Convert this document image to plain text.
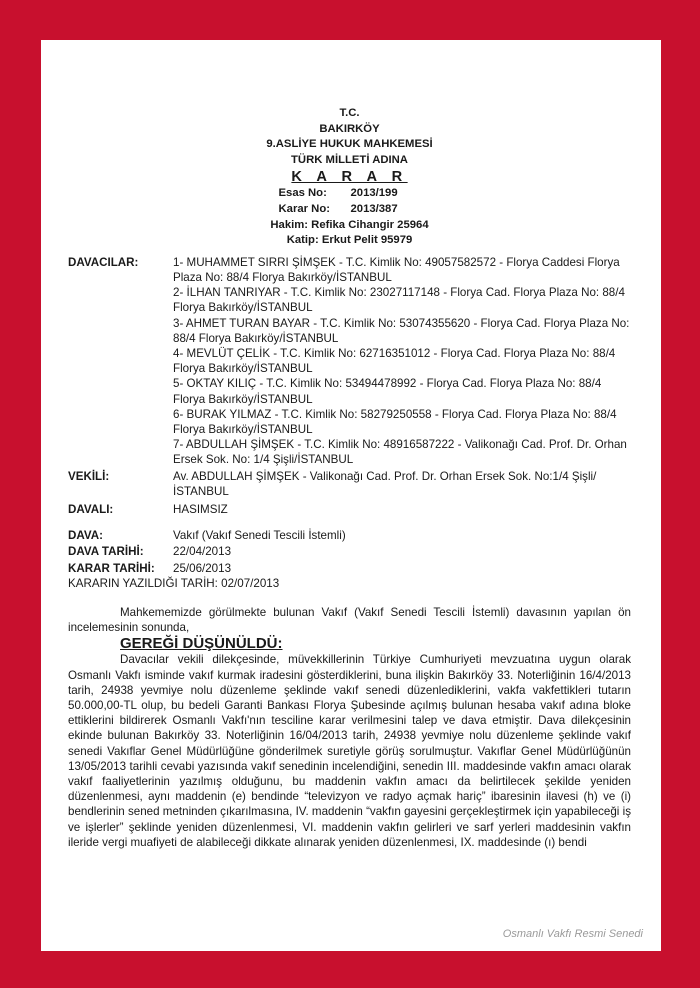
T.C.
BAKIRKÖY
9.ASLİYE HUKUK MAHKEMESİ
TÜRK MİLLETİ ADINA
K A R A R
Esas No: 2013/199
Karar No: 2013/387
Hakim: Refika Cihangir 25964
Katip: Erkut Pelit 95979
DAVACILAR:	1- MUHAMMET SIRRI ŞİMŞEK - T.C. Kimlik No: 49057582572 - Florya Caddesi Florya Plaza No: 88/4 Florya Bakırköy/İSTANBUL
2- İLHAN TANRIYAR - T.C. Kimlik No: 23027117148 - Florya Cad. Florya Plaza No: 88/4 Florya Bakırköy/İSTANBUL
3- AHMET TURAN BAYAR - T.C. Kimlik No: 53074355620 - Florya Cad. Florya Plaza No: 88/4 Florya Bakırköy/İSTANBUL
4- MEVLÜT ÇELİK - T.C. Kimlik No: 62716351012 - Florya Cad. Florya Plaza No: 88/4 Florya Bakırköy/İSTANBUL
5- OKTAY KILIÇ - T.C. Kimlik No: 53494478992 - Florya Cad. Florya Plaza No: 88/4 Florya Bakırköy/İSTANBUL
6- BURAK YILMAZ - T.C. Kimlik No: 58279250558 - Florya Cad. Florya Plaza No: 88/4 Florya Bakırköy/İSTANBUL
7- ABDULLAH ŞİMŞEK - T.C. Kimlik No: 48916587222 - Valikonağı Cad. Prof. Dr. Orhan Ersek Sok. No: 1/4 Şişli/İSTANBUL
VEKİLİ:	Av. ABDULLAH ŞİMŞEK - Valikonağı Cad. Prof. Dr. Orhan Ersek Sok. No:1/4 Şişli/İSTANBUL
DAVALI:	HASIMSIZ
DAVA:	Vakıf (Vakıf Senedi Tescili İstemli)
DAVA TARİHİ:	22/04/2013
KARAR TARİHİ:	25/06/2013
KARARIN YAZILDIĞI TARİH: 02/07/2013
Mahkememizde görülmekte bulunan Vakıf (Vakıf Senedi Tescili İstemli) davasının yapılan ön incelemesinin sonunda,
GEREĞİ DÜŞÜNÜLDÜ:
Davacılar vekili dilekçesinde, müvekkillerinin Türkiye Cumhuriyeti mevzuatına uygun olarak Osmanlı Vakfı isminde vakıf kurmak iradesini gösterdiklerini, buna ilişkin Bakırköy 33. Noterliğinin 16/4/2013 tarih, 24938 yevmiye nolu düzenleme şeklinde vakıf senedi düzenlediklerini, vakfa vakfettikleri tutarın 50.000,00-TL olup, bu bedeli Garanti Bankası Florya Şubesinde açılmış bulunan hesaba vakıf adına bloke ettiklerini bildirerek Osmanlı Vakfı'nın tesciline karar verilmesini talep ve dava etmiştir. Dava dilekçesinin ekinde bulunan Bakırköy 33. Noterliğinin 16/04/2013 tarih, 24938 yevmiye nolu düzenleme şeklinde vakıf senedi Vakıflar Genel Müdürlüğüne gönderilmek suretiyle görüş sorulmuştur. Vakıflar Genel Müdürlüğünün 13/05/2013 tarihli cevabi yazısında vakıf senedinin incelendiğini, senedin III. maddesinde vakfın amacı olarak vakıf faaliyetlerinin yazılmış olduğunu, bu maddenin vakfın amacı da belirtilecek şekilde yeniden düzenlenmesi, aynı maddenin (e) bendinde “televizyon ve radyo açmak hariç” ibaresinin ilavesi (h) ve (i) bendlerinin sened metninden çıkarılmasına, IV. maddenin “vakfın gayesini gerçekleştirmek için yapabileceği iş ve işlerler” şeklinde yeniden düzenlenmesi, VI. maddenin vakfın gelirleri ve sarf yerleri maddesinin vakfın ileride vergi muafiyeti de alabileceği dikkate alınarak yeniden düzenlenmesi, IX. maddesinde (ı) bendi
Osmanlı Vakfı Resmi Senedi
